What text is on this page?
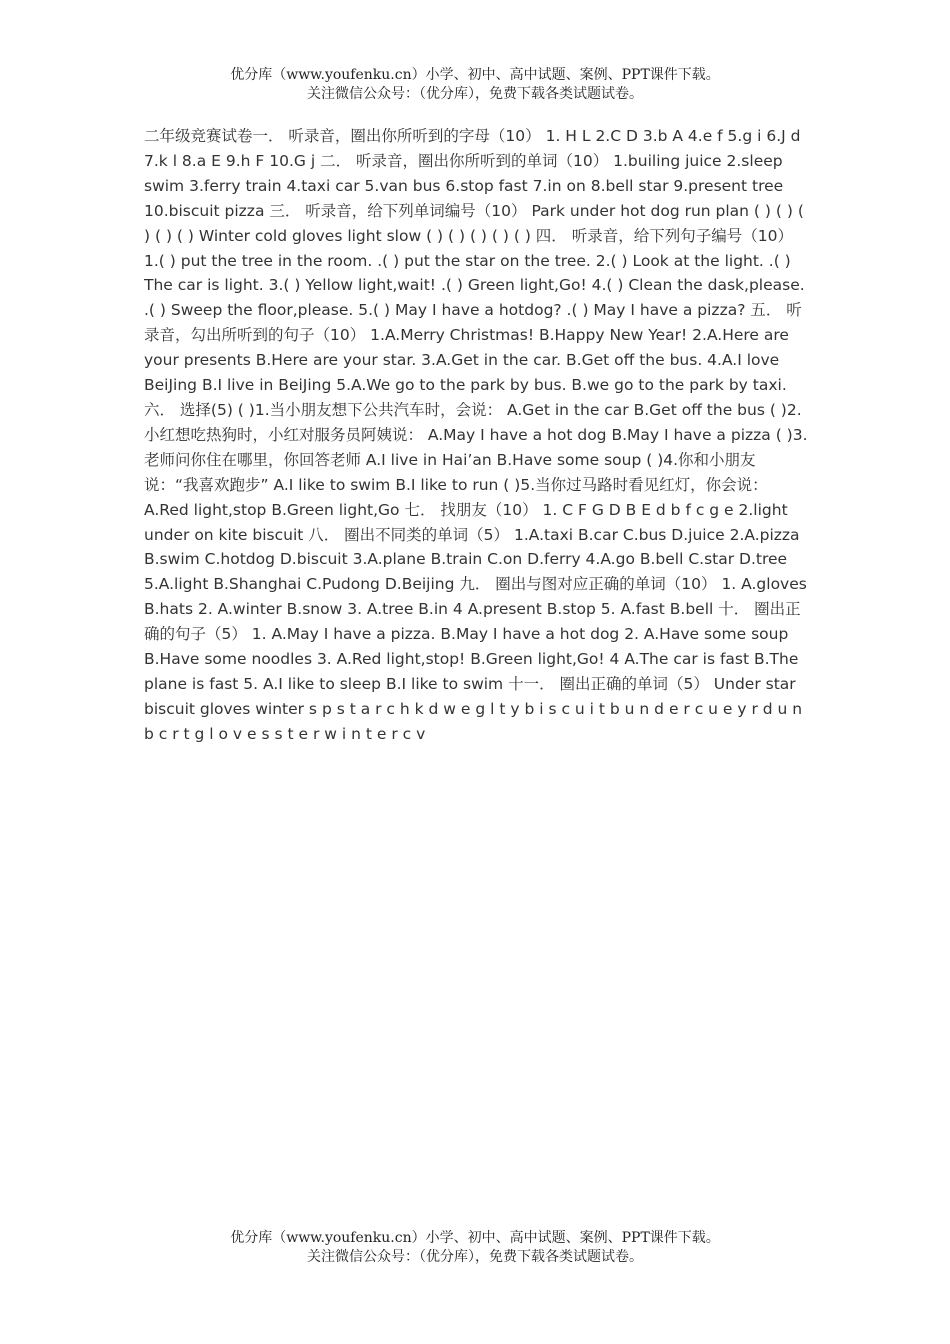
优分库（www.youfenku.cn）小学、初中、高中试题、案例、PPT课件下载。
关注微信公众号：（优分库），免费下载各类试题试卷。
二年级竞赛试卷一． 听录音，圈出你所听到的字母（10） 1. H L 2.C D 3.b A 4.e f 5.g i 6.J d 7.k l 8.a E 9.h F 10.G j 二． 听录音，圈出你所听到的单词（10） 1.builing juice 2.sleep swim 3.ferry train 4.taxi car 5.van bus 6.stop fast 7.in on 8.bell star 9.present tree 10.biscuit pizza 三． 听录音，给下列单词编号（10） Park under hot dog run plan ( ) ( ) ( ) ( ) ( ) Winter cold gloves light slow ( ) ( ) ( ) ( ) ( ) 四． 听录音，给下列句子编号（10） 1.( ) put the tree in the room. .( ) put the star on the tree. 2.( ) Look at the light. .( ) The car is light. 3.( ) Yellow light,wait! .( ) Green light,Go! 4.( ) Clean the dask,please. .( ) Sweep the floor,please. 5.( ) May I have a hotdog? .( ) May I have a pizza? 五． 听录音，勾出所听到的句子（10） 1.A.Merry Christmas! B.Happy New Year! 2.A.Here are your presents B.Here are your star. 3.A.Get in the car. B.Get off the bus. 4.A.I love BeiJing B.I live in BeiJing 5.A.We go to the park by bus. B.we go to the park by taxi. 六． 选择(5) ( )1.当小朋友想下公共汽车时，会说： A.Get in the car B.Get off the bus ( )2.小红想吃热狗时，小红对服务员阿姨说： A.May I have a hot dog B.May I have a pizza ( )3.老师问你住在哪里，你回答老师 A.I live in Hai’an B.Have some soup ( )4.你和小朋友说：“我喜欢跑步” A.I like to swim B.I like to run ( )5.当你过马路时看见红灯，你会说： A.Red light,stop B.Green light,Go 七． 找朋友（10） 1. C F G D B E d b f c g e 2.light under on kite biscuit 八． 圈出不同类的单词（5） 1.A.taxi B.car C.bus D.juice 2.A.pizza B.swim C.hotdog D.biscuit 3.A.plane B.train C.on D.ferry 4.A.go B.bell C.star D.tree 5.A.light B.Shanghai C.Pudong D.Beijing 九． 圈出与图对应正确的单词（10） 1. A.gloves B.hats 2. A.winter B.snow 3. A.tree B.in 4 A.present B.stop 5. A.fast B.bell 十． 圈出正确的句子（5） 1. A.May I have a pizza. B.May I have a hot dog 2. A.Have some soup B.Have some noodles 3. A.Red light,stop! B.Green light,Go! 4 A.The car is fast B.The plane is fast 5. A.I like to sleep B.I like to swim 十一． 圈出正确的单词（5） Under star biscuit gloves winter s p s t a r c h k d w e g l t y b i s c u i t b u n d e r c u e y r d u n b c r t g l o v e s s t e r w i n t e r c v
优分库（www.youfenku.cn）小学、初中、高中试题、案例、PPT课件下载。
关注微信公众号：（优分库），免费下载各类试题试卷。
